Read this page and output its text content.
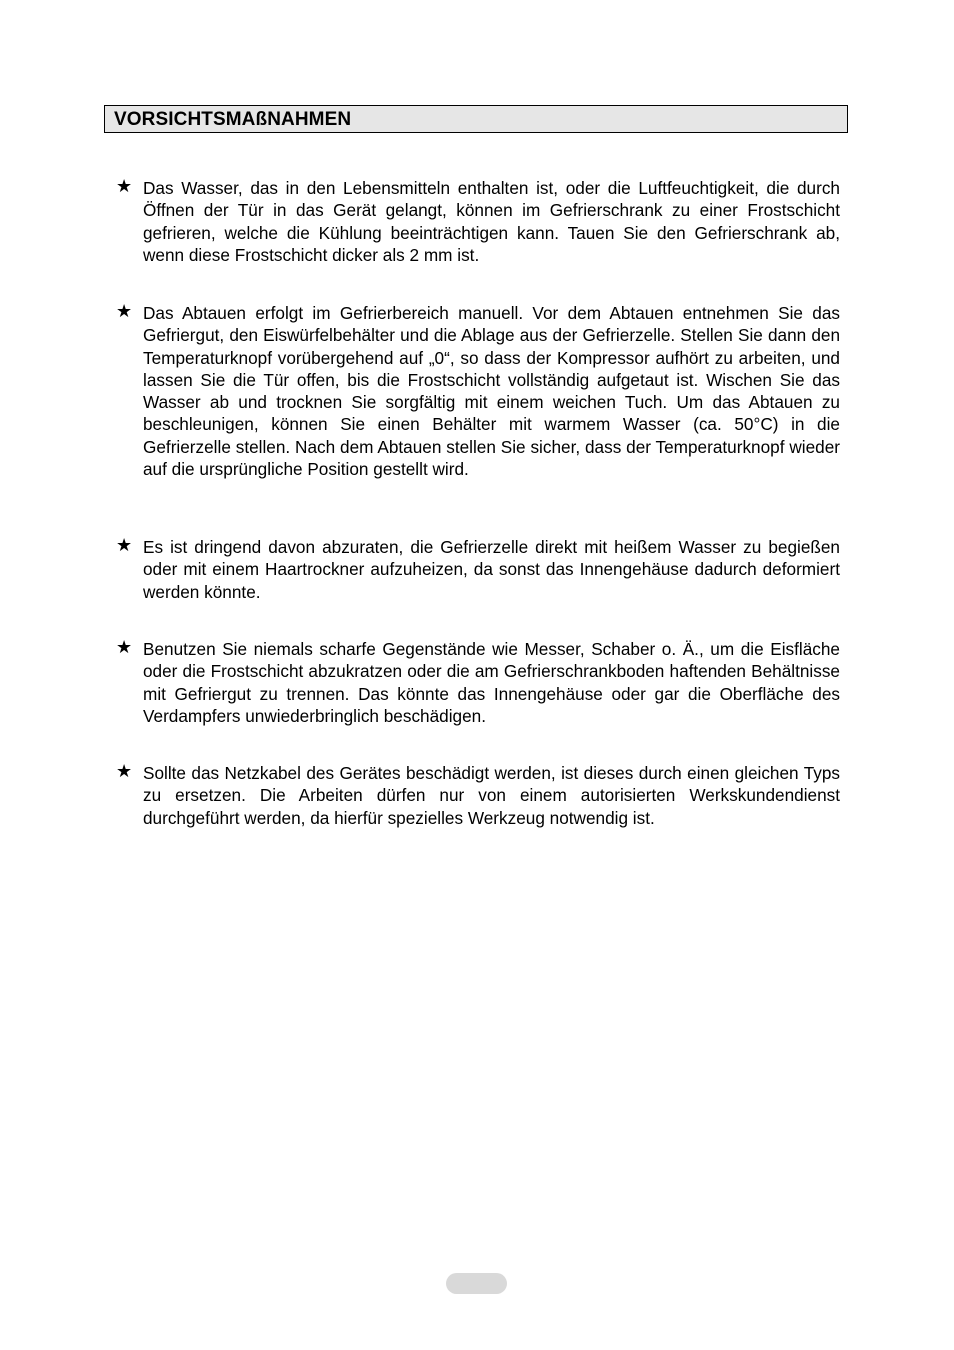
VORSICHTSMAßNAHMEN
★ Das Wasser, das in den Lebensmitteln enthalten ist, oder die Luftfeuchtigkeit, die durch Öffnen der Tür in das Gerät gelangt, können im Gefrierschrank zu einer Frostschicht gefrieren, welche die Kühlung beeinträchtigen kann. Tauen Sie den Gefrierschrank ab, wenn diese Frostschicht dicker als 2 mm ist.

★ Das Abtauen erfolgt im Gefrierbereich manuell. Vor dem Abtauen entnehmen Sie das Gefriergut, den Eiswürfelbehälter und die Ablage aus der Gefrierzelle. Stellen Sie dann den Temperaturknopf vorübergehend auf „0“, so dass der Kompressor aufhört zu arbeiten, und lassen Sie die Tür offen, bis die Frostschicht vollständig aufgetaut ist. Wischen Sie das Wasser ab und trocknen Sie sorgfältig mit einem weichen Tuch. Um das Abtauen zu beschleunigen, können Sie einen Behälter mit warmem Wasser (ca. 50°C) in die Gefrierzelle stellen. Nach dem Abtauen stellen Sie sicher, dass der Temperaturknopf wieder auf die ursprüngliche Position gestellt wird.

★ Es ist dringend davon abzuraten, die Gefrierzelle direkt mit heißem Wasser zu begießen oder mit einem Haartrockner aufzuheizen, da sonst das Innengehäuse dadurch deformiert werden könnte.

★ Benutzen Sie niemals scharfe Gegenstände wie Messer, Schaber o. Ä., um die Eisfläche oder die Frostschicht abzukratzen oder die am Gefrierschrankboden haftenden Behältnisse mit Gefriergut zu trennen. Das könnte das Innengehäuse oder gar die Oberfläche des Verdampfers unwiederbringlich beschädigen.

★ Sollte das Netzkabel des Gerätes beschädigt werden, ist dieses durch einen gleichen Typs zu ersetzen. Die Arbeiten dürfen nur von einem autorisierten Werkskundendienst durchgeführt werden, da hierfür spezielles Werkzeug notwendig ist.
